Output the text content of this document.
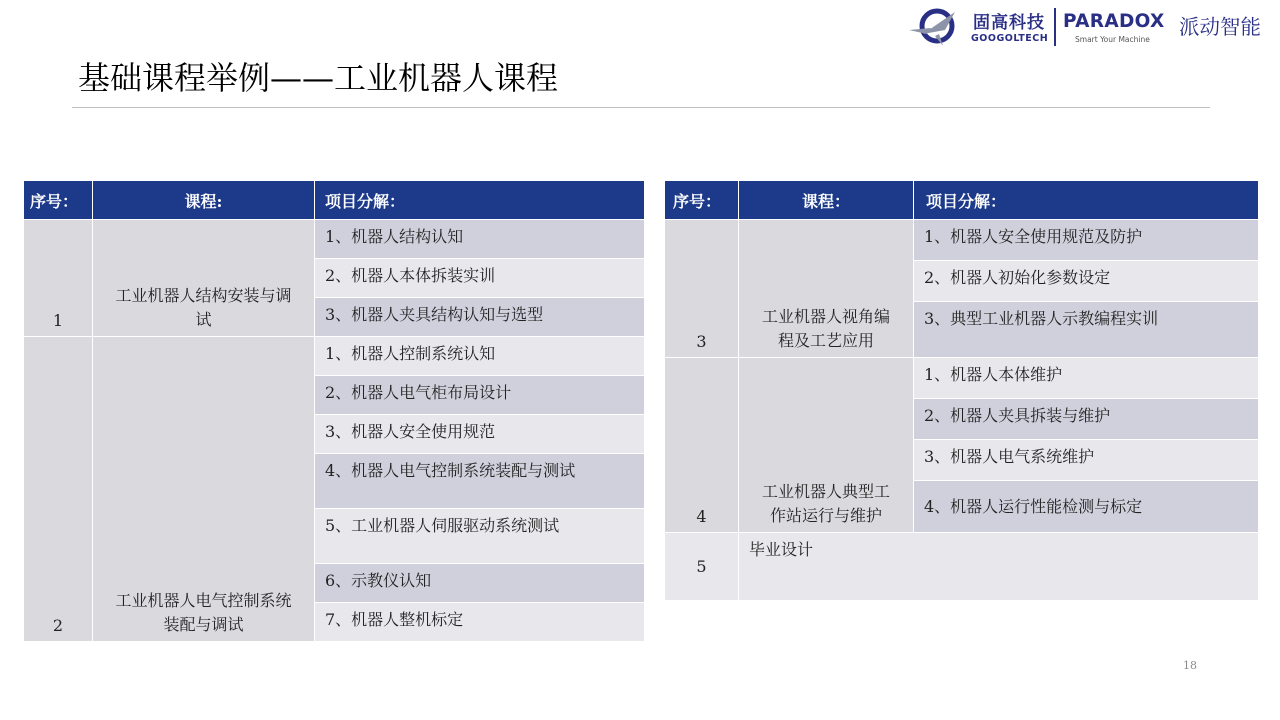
固高科技
GOOGOLTECH
PARADOX
Smart Your Machine
派动智能
基础课程举例——工业机器人课程
序号：	课程:	项目分解：
1	工业机器人结构安装与调试	1、机器人结构认知
		2、机器人本体拆装实训
		3、机器人夹具结构认知与选型
2	工业机器人电气控制系统装配与调试	1、机器人控制系统认知
		2、机器人电气柜布局设计
		3、机器人安全使用规范
		4、机器人电气控制系统装配与测试
		5、工业机器人伺服驱动系统测试
		6、示教仪认知
		7、机器人整机标定
序号：	课程：	项目分解：
3	工业机器人视角编程及工艺应用	1、机器人安全使用规范及防护
		2、机器人初始化参数设定
		3、典型工业机器人示教编程实训
4	工业机器人典型工作站运行与维护	1、机器人本体维护
		2、机器人夹具拆装与维护
		3、机器人电气系统维护
		4、机器人运行性能检测与标定
5	毕业设计	
18
